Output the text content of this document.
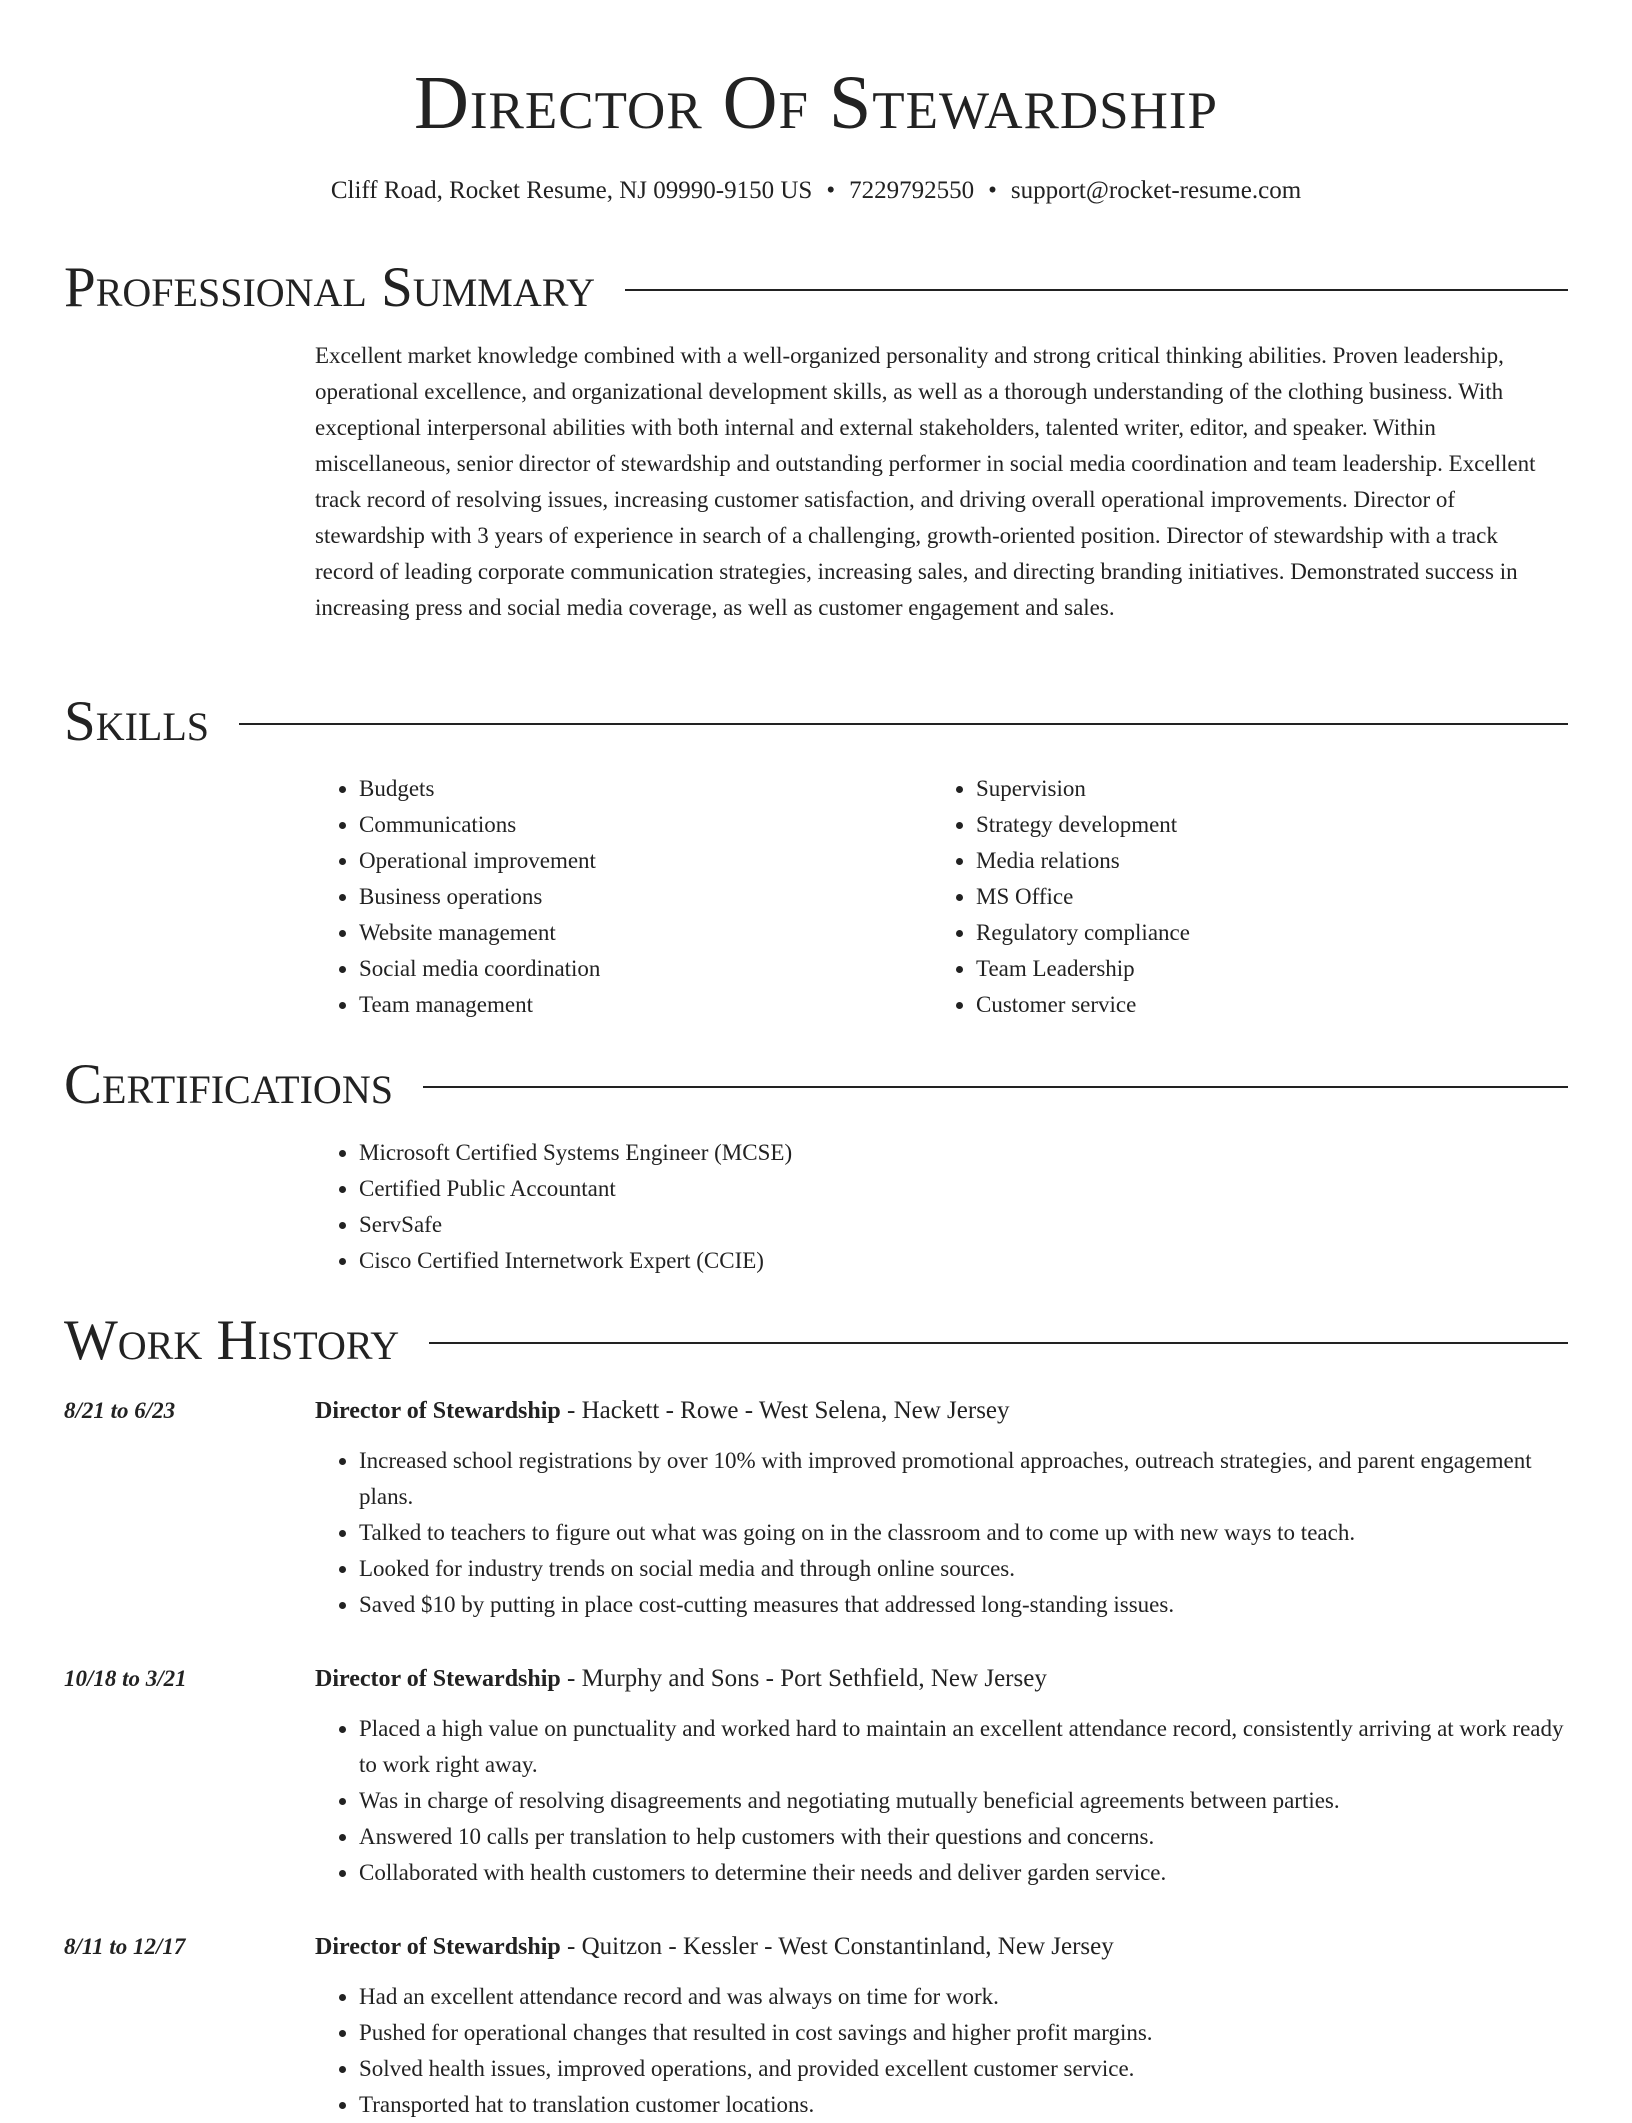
Director Of Stewardship
Cliff Road, Rocket Resume, NJ 09990-9150 US • 7229792550 • support@rocket-resume.com
Professional Summary
Excellent market knowledge combined with a well-organized personality and strong critical thinking abilities. Proven leadership, operational excellence, and organizational development skills, as well as a thorough understanding of the clothing business. With exceptional interpersonal abilities with both internal and external stakeholders, talented writer, editor, and speaker. Within miscellaneous, senior director of stewardship and outstanding performer in social media coordination and team leadership. Excellent track record of resolving issues, increasing customer satisfaction, and driving overall operational improvements. Director of stewardship with 3 years of experience in search of a challenging, growth-oriented position. Director of stewardship with a track record of leading corporate communication strategies, increasing sales, and directing branding initiatives. Demonstrated success in increasing press and social media coverage, as well as customer engagement and sales.
Skills
• Budgets
• Communications
• Operational improvement
• Business operations
• Website management
• Social media coordination
• Team management
• Supervision
• Strategy development
• Media relations
• MS Office
• Regulatory compliance
• Team Leadership
• Customer service
Certifications
• Microsoft Certified Systems Engineer (MCSE)
• Certified Public Accountant
• ServSafe
• Cisco Certified Internetwork Expert (CCIE)
Work History
8/21 to 6/23	Director of Stewardship - Hackett - Rowe - West Selena, New Jersey
• Increased school registrations by over 10% with improved promotional approaches, outreach strategies, and parent engagement plans.
• Talked to teachers to figure out what was going on in the classroom and to come up with new ways to teach.
• Looked for industry trends on social media and through online sources.
• Saved $10 by putting in place cost-cutting measures that addressed long-standing issues.
10/18 to 3/21	Director of Stewardship - Murphy and Sons - Port Sethfield, New Jersey
• Placed a high value on punctuality and worked hard to maintain an excellent attendance record, consistently arriving at work ready to work right away.
• Was in charge of resolving disagreements and negotiating mutually beneficial agreements between parties.
• Answered 10 calls per translation to help customers with their questions and concerns.
• Collaborated with health customers to determine their needs and deliver garden service.
8/11 to 12/17	Director of Stewardship - Quitzon - Kessler - West Constantinland, New Jersey
• Had an excellent attendance record and was always on time for work.
• Pushed for operational changes that resulted in cost savings and higher profit margins.
• Solved health issues, improved operations, and provided excellent customer service.
• Transported hat to translation customer locations.
